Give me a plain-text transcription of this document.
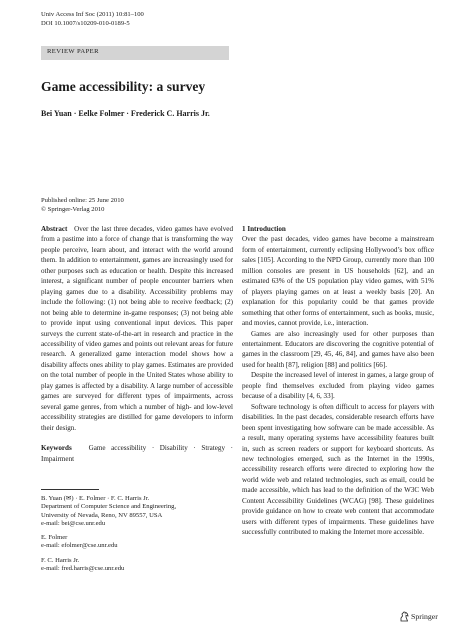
Univ Access Inf Soc (2011) 10:81–100
DOI 10.1007/s10209-010-0189-5
REVIEW PAPER
Game accessibility: a survey
Bei Yuan · Eelke Folmer · Frederick C. Harris Jr.
Published online: 25 June 2010
© Springer-Verlag 2010

Abstract Over the last three decades, video games have evolved from a pastime into a force of change that is transforming the way people perceive, learn about, and interact with the world around them. In addition to entertainment, games are increasingly used for other purposes such as education or health. Despite this increased interest, a significant number of people encounter barriers when playing games due to a disability. Accessibility problems may include the following: (1) not being able to receive feedback; (2) not being able to determine in-game responses; (3) not being able to provide input using conventional input devices. This paper surveys the current state-of-the-art in research and practice in the accessibility of video games and points out relevant areas for future research. A generalized game interaction model shows how a disability affects ones ability to play games. Estimates are provided on the total number of people in the United States whose ability to play games is affected by a disability. A large number of accessible games are surveyed for different types of impairments, across several game genres, from which a number of high- and low-level accessibility strategies are distilled for game developers to inform their design.

Keywords Game accessibility · Disability · Strategy · Impairment

B. Yuan (✉) · E. Folmer · F. C. Harris Jr.
Department of Computer Science and Engineering,
University of Nevada, Reno, NV 89557, USA
e-mail: bei@cse.unr.edu
E. Folmer
e-mail: efolmer@cse.unr.edu
F. C. Harris Jr.
e-mail: fred.harris@cse.unr.edu

1 Introduction

Over the past decades, video games have become a mainstream form of entertainment, currently eclipsing Hollywood’s box office sales [105]. According to the NPD Group, currently more than 100 million consoles are present in US households [62], and an estimated 63% of the US population play video games, with 51% of players playing games on at least a weekly basis [20]. An explanation for this popularity could be that games provide something that other forms of entertainment, such as books, music, and movies, cannot provide, i.e., interaction.

Games are also increasingly used for other purposes than entertainment. Educators are discovering the cognitive potential of games in the classroom [29, 45, 46, 84], and games have also been used for health [87], religion [88] and politics [66].

Despite the increased level of interest in games, a large group of people find themselves excluded from playing video games because of a disability [4, 6, 33].

Software technology is often difficult to access for players with disabilities. In the past decades, considerable research efforts have been spent investigating how software can be made accessible. As a result, many operating systems have accessibility features built in, such as screen readers or support for keyboard shortcuts. As new technologies emerged, such as the Internet in the 1990s, accessibility research efforts were directed to exploring how the world wide web and related technologies, such as email, could be made accessible, which has lead to the definition of the W3C Web Content Accessibility Guidelines (WCAG) [98]. These guidelines provide guidance on how to create web content that accommodate users with different types of impairments. These guidelines have successfully contributed to making the Internet more accessible.

Springer
